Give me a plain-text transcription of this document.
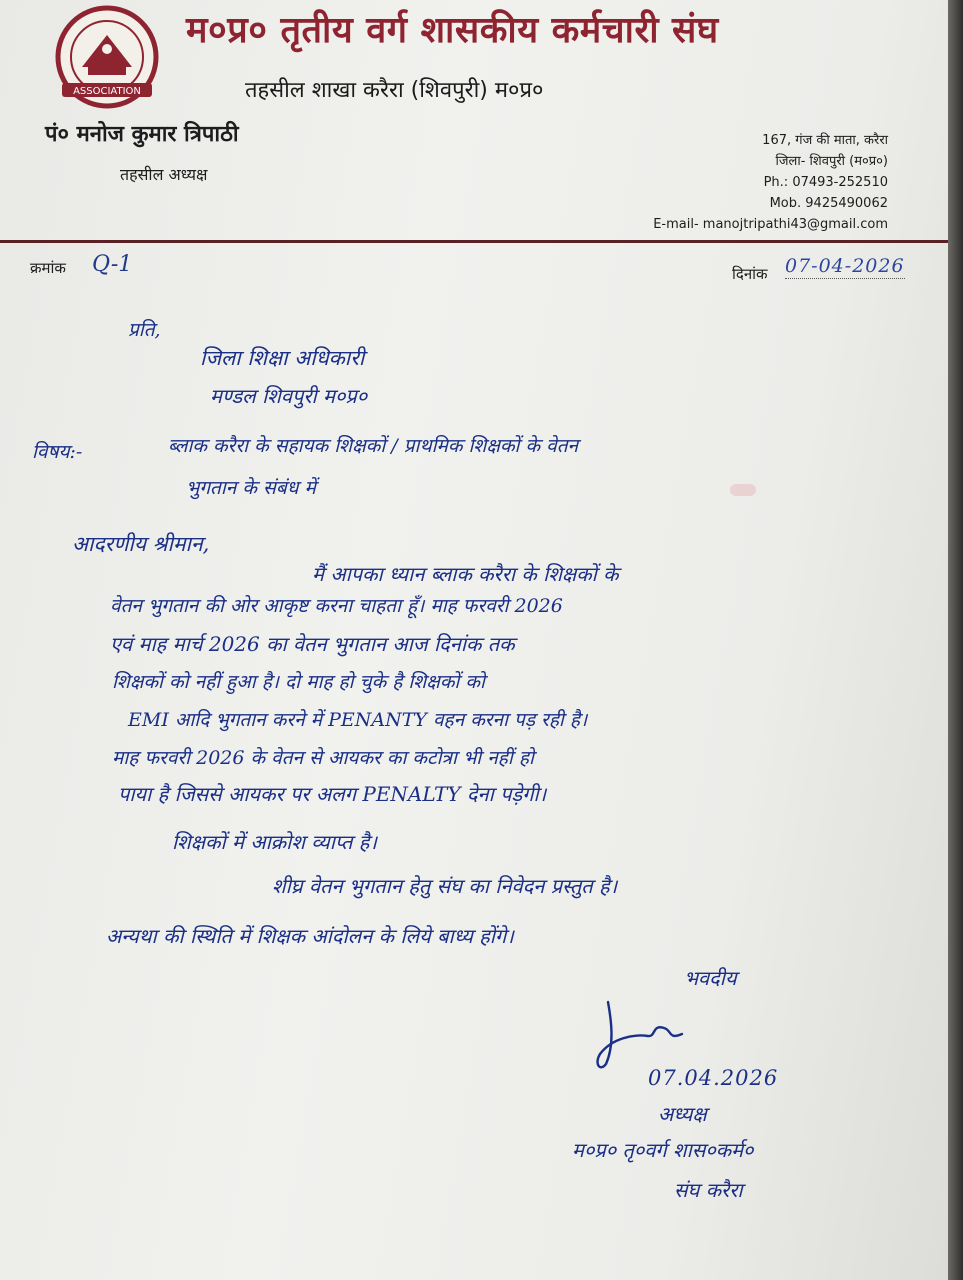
ASSOCIATION
म०प्र० तृतीय वर्ग शासकीय कर्मचारी संघ
तहसील शाखा करैरा (शिवपुरी) म०प्र०
पं० मनोज कुमार त्रिपाठी
तहसील अध्यक्ष
167, गंज की माता, करैरा
जिला- शिवपुरी (म०प्र०)
Ph.: 07493-252510
Mob. 9425490062
E-mail- manojtripathi43@gmail.com
क्रमांक Q-1	दिनांक 07-04-2026
प्रति,
जिला शिक्षा अधिकारी
मण्डल शिवपुरी म०प्र०
विषय:-	ब्लाक करैरा के सहायक शिक्षकों / प्राथमिक शिक्षकों के वेतन
भुगतान के संबंध में
आदरणीय श्रीमान,
मैं आपका ध्यान ब्लाक करैरा के शिक्षकों के
वेतन भुगतान की ओर आकृष्ट करना चाहता हूँ। माह फरवरी 2026
एवं माह मार्च 2026 का वेतन भुगतान आज दिनांक तक
शिक्षकों को नहीं हुआ है। दो माह हो चुके है शिक्षकों को
EMI आदि भुगतान करने में PENANTY वहन करना पड़ रही है।
माह फरवरी 2026 के वेतन से आयकर का कटोत्रा भी नहीं हो
पाया है जिससे आयकर पर अलग PENALTY देना पड़ेगी।
शिक्षकों में आक्रोश व्याप्त है।
शीघ्र वेतन भुगतान हेतु संघ का निवेदन प्रस्तुत है।
अन्यथा की स्थिति में शिक्षक आंदोलन के लिये बाध्य होंगे।
भवदीय
07.04.2026
अध्यक्ष
म०प्र० तृ०वर्ग शास०कर्म०
संघ करैरा
